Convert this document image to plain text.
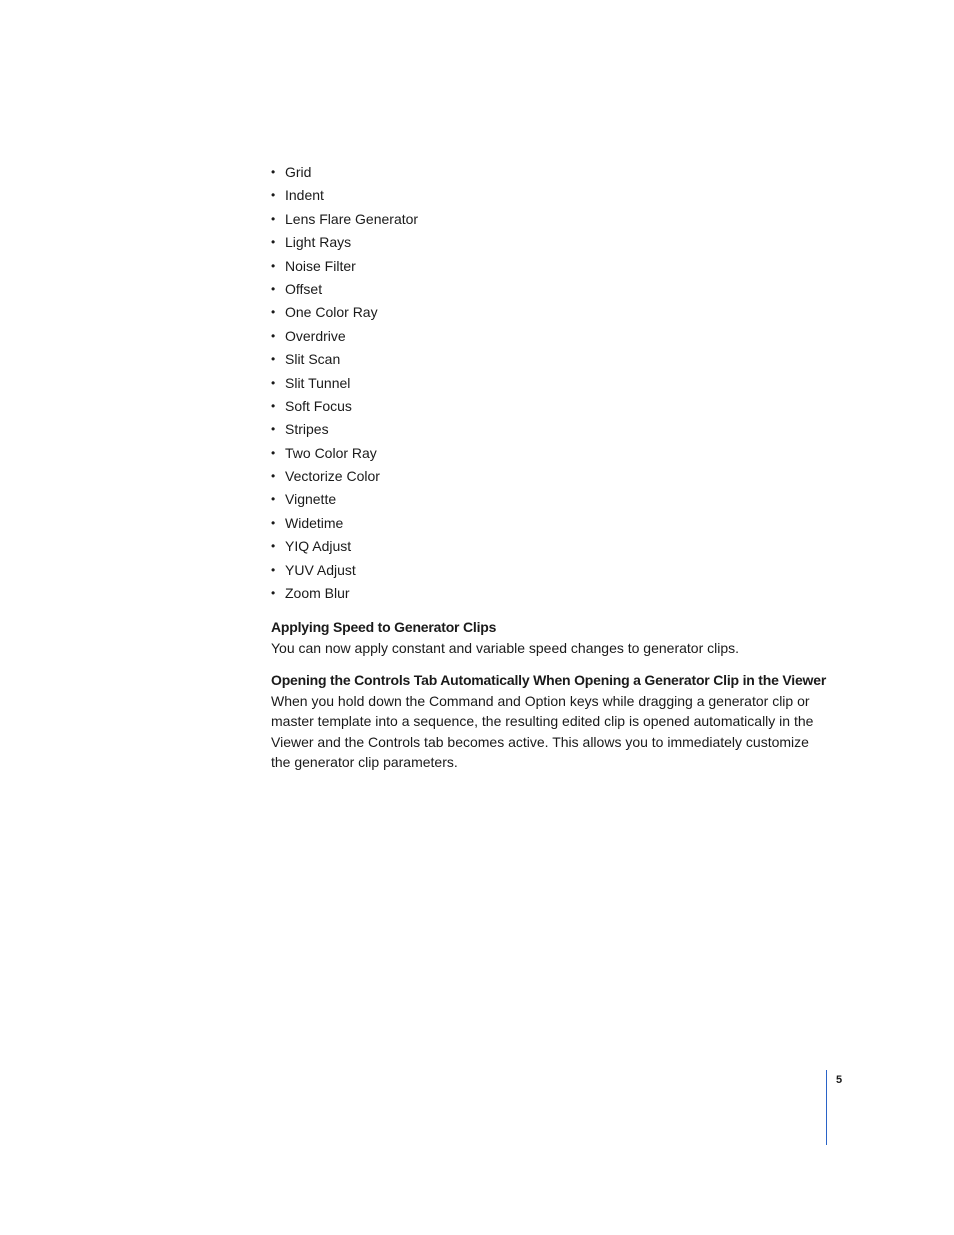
• Grid
• Indent
• Lens Flare Generator
• Light Rays
• Noise Filter
• Offset
• One Color Ray
• Overdrive
• Slit Scan
• Slit Tunnel
• Soft Focus
• Stripes
• Two Color Ray
• Vectorize Color
• Vignette
• Widetime
• YIQ Adjust
• YUV Adjust
• Zoom Blur
Applying Speed to Generator Clips

You can now apply constant and variable speed changes to generator clips.

Opening the Controls Tab Automatically When Opening a Generator Clip in the Viewer

When you hold down the Command and Option keys while dragging a generator clip or master template into a sequence, the resulting edited clip is opened automatically in the Viewer and the Controls tab becomes active. This allows you to immediately customize the generator clip parameters.

5
